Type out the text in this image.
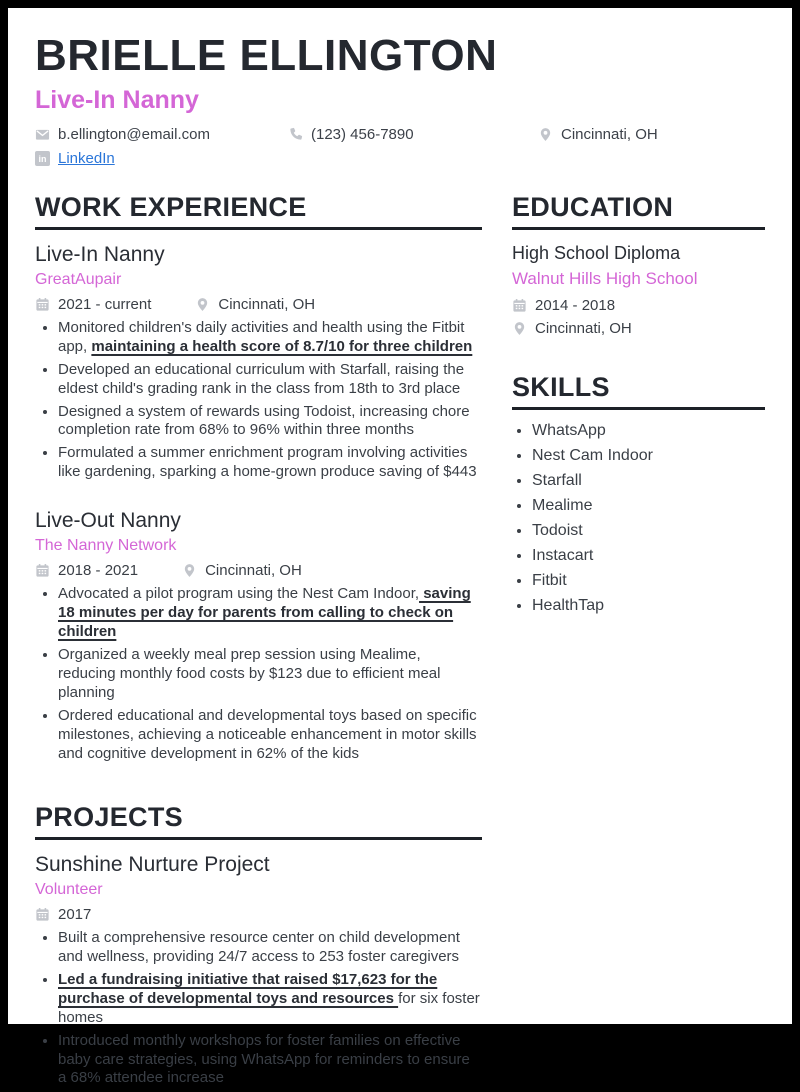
BRIELLE ELLINGTON
Live-In Nanny
b.ellington@email.com	(123) 456-7890	Cincinnati, OH
in LinkedIn
WORK EXPERIENCE
Live-In Nanny
GreatAupair
2021 - current	Cincinnati, OH
• Monitored children's daily activities and health using the Fitbit app, maintaining a health score of 8.7/10 for three children
• Developed an educational curriculum with Starfall, raising the eldest child's grading rank in the class from 18th to 3rd place
• Designed a system of rewards using Todoist, increasing chore completion rate from 68% to 96% within three months
• Formulated a summer enrichment program involving activities like gardening, sparking a home-grown produce saving of $443
Live-Out Nanny
The Nanny Network
2018 - 2021	Cincinnati, OH
• Advocated a pilot program using the Nest Cam Indoor, saving 18 minutes per day for parents from calling to check on children
• Organized a weekly meal prep session using Mealime, reducing monthly food costs by $123 due to efficient meal planning
• Ordered educational and developmental toys based on specific milestones, achieving a noticeable enhancement in motor skills and cognitive development in 62% of the kids
PROJECTS
Sunshine Nurture Project
Volunteer
2017
• Built a comprehensive resource center on child development and wellness, providing 24/7 access to 253 foster caregivers
• Led a fundraising initiative that raised $17,623 for the purchase of developmental toys and resources for six foster homes
• Introduced monthly workshops for foster families on effective baby care strategies, using WhatsApp for reminders to ensure a 68% attendee increase
EDUCATION
High School Diploma
Walnut Hills High School
2014 - 2018
Cincinnati, OH
SKILLS
• WhatsApp
• Nest Cam Indoor
• Starfall
• Mealime
• Todoist
• Instacart
• Fitbit
• HealthTap
